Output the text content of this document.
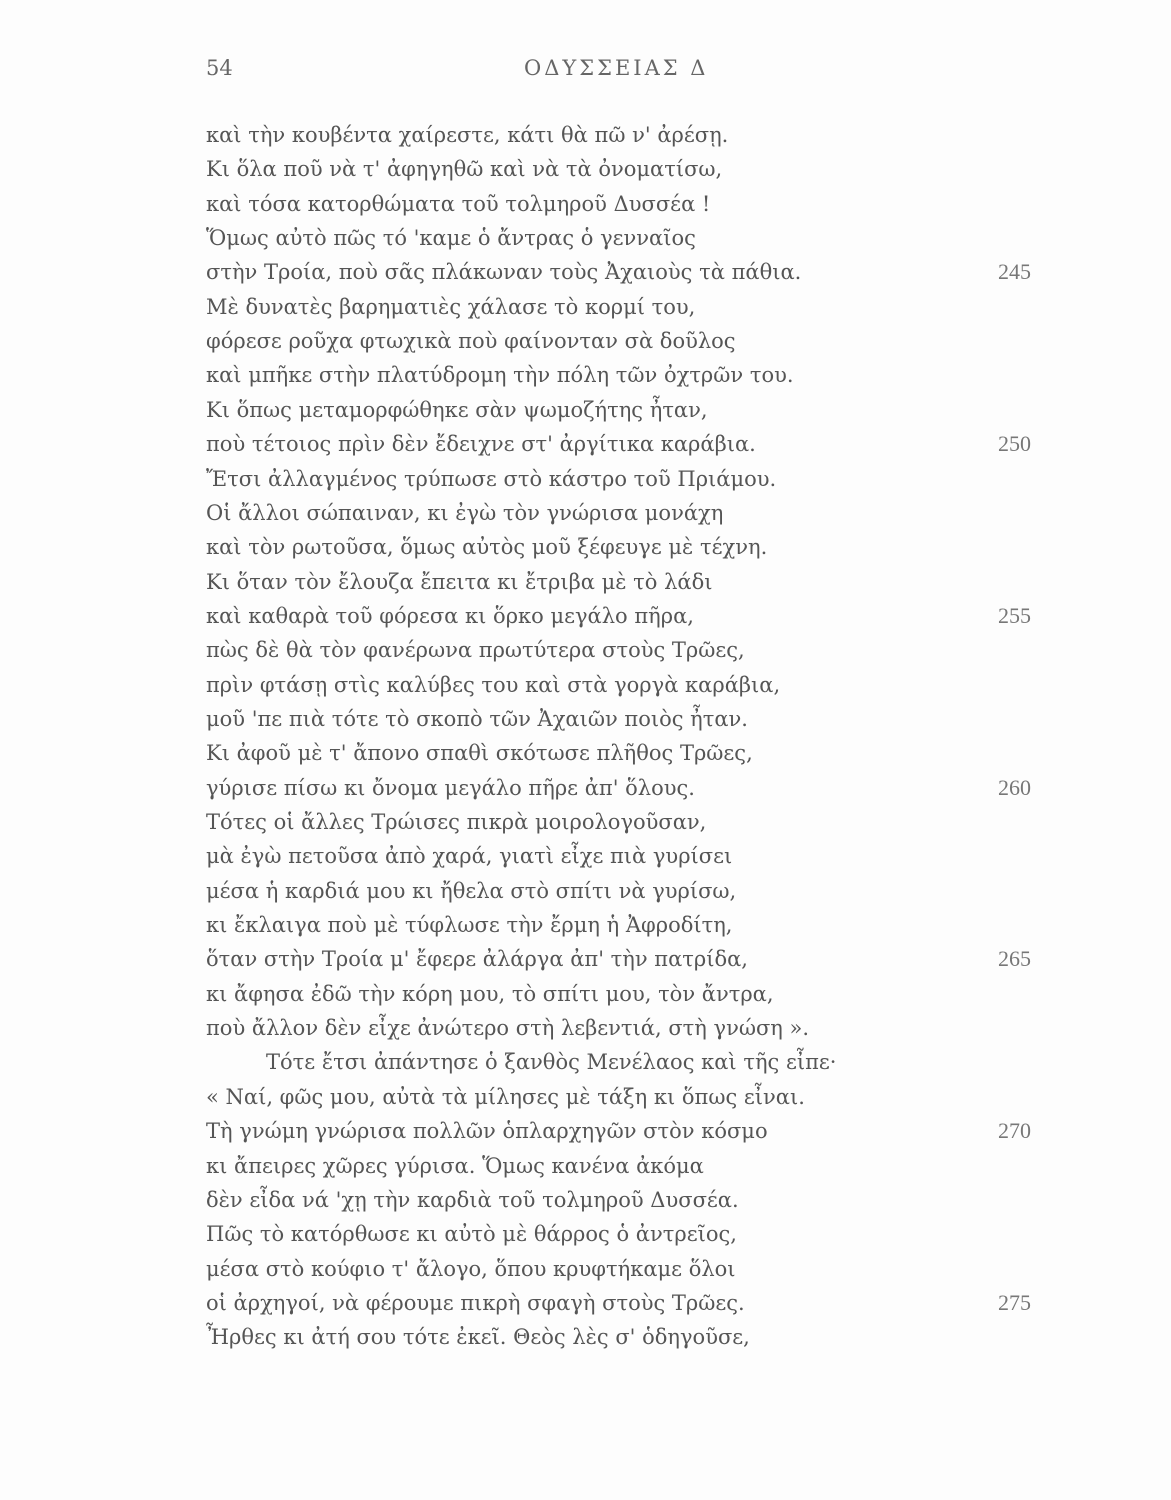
54	ΟΔΥΣΣΕΙΑΣ Δ
καὶ τὴν κουβέντα χαίρεστε, κάτι θὰ πῶ ν' ἀρέσῃ.
Κι ὅλα ποῦ νὰ τ' ἀφηγηθῶ καὶ νὰ τὰ ὀνοματίσω,
καὶ τόσα κατορθώματα τοῦ τολμηροῦ Δυσσέα !
Ὅμως αὐτὸ πῶς τό 'καμε ὁ ἄντρας ὁ γενναῖος
στὴν Τροία, ποὺ σᾶς πλάκωναν τοὺς Ἀχαιοὺς τὰ πάθια.	245
Μὲ δυνατὲς βαρηματιὲς χάλασε τὸ κορμί του,
φόρεσε ροῦχα φτωχικὰ ποὺ φαίνονταν σὰ δοῦλος
καὶ μπῆκε στὴν πλατύδρομη τὴν πόλη τῶν ὀχτρῶν του.
Κι ὅπως μεταμορφώθηκε σὰν ψωμοζήτης ἦταν,
ποὺ τέτοιος πρὶν δὲν ἔδειχνε στ' ἀργίτικα καράβια.	250
Ἔτσι ἀλλαγμένος τρύπωσε στὸ κάστρο τοῦ Πριάμου.
Οἱ ἄλλοι σώπαιναν, κι ἐγὼ τὸν γνώρισα μονάχη
καὶ τὸν ρωτοῦσα, ὅμως αὐτὸς μοῦ ξέφευγε μὲ τέχνη.
Κι ὅταν τὸν ἔλουζα ἔπειτα κι ἔτριβα μὲ τὸ λάδι
καὶ καθαρὰ τοῦ φόρεσα κι ὅρκο μεγάλο πῆρα,	255
πὼς δὲ θὰ τὸν φανέρωνα πρωτύτερα στοὺς Τρῶες,
πρὶν φτάσῃ στὶς καλύβες του καὶ στὰ γοργὰ καράβια,
μοῦ 'πε πιὰ τότε τὸ σκοπὸ τῶν Ἀχαιῶν ποιὸς ἦταν.
Κι ἀφοῦ μὲ τ' ἄπονο σπαθὶ σκότωσε πλῆθος Τρῶες,
γύρισε πίσω κι ὄνομα μεγάλο πῆρε ἀπ' ὅλους.	260
Τότες οἱ ἄλλες Τρώισες πικρὰ μοιρολογοῦσαν,
μὰ ἐγὼ πετοῦσα ἀπὸ χαρά, γιατὶ εἶχε πιὰ γυρίσει
μέσα ἡ καρδιά μου κι ἤθελα στὸ σπίτι νὰ γυρίσω,
κι ἔκλαιγα ποὺ μὲ τύφλωσε τὴν ἔρμη ἡ Ἀφροδίτη,
ὅταν στὴν Τροία μ' ἔφερε ἀλάργα ἀπ' τὴν πατρίδα,	265
κι ἄφησα ἐδῶ τὴν κόρη μου, τὸ σπίτι μου, τὸν ἄντρα,
ποὺ ἄλλον δὲν εἶχε ἀνώτερο στὴ λεβεντιά, στὴ γνώση ».
Τότε ἔτσι ἀπάντησε ὁ ξανθὸς Μενέλαος καὶ τῆς εἶπε·
« Ναί, φῶς μου, αὐτὰ τὰ μίλησες μὲ τάξη κι ὅπως εἶναι.
Τὴ γνώμη γνώρισα πολλῶν ὁπλαρχηγῶν στὸν κόσμο	270
κι ἄπειρες χῶρες γύρισα. Ὅμως κανένα ἀκόμα
δὲν εἶδα νά 'χῃ τὴν καρδιὰ τοῦ τολμηροῦ Δυσσέα.
Πῶς τὸ κατόρθωσε κι αὐτὸ μὲ θάρρος ὁ ἀντρεῖος,
μέσα στὸ κούφιο τ' ἄλογο, ὅπου κρυφτήκαμε ὅλοι
οἱ ἀρχηγοί, νὰ φέρουμε πικρὴ σφαγὴ στοὺς Τρῶες.	275
Ἦρθες κι ἀτή σου τότε ἐκεῖ. Θεὸς λὲς σ' ὁδηγοῦσε,
